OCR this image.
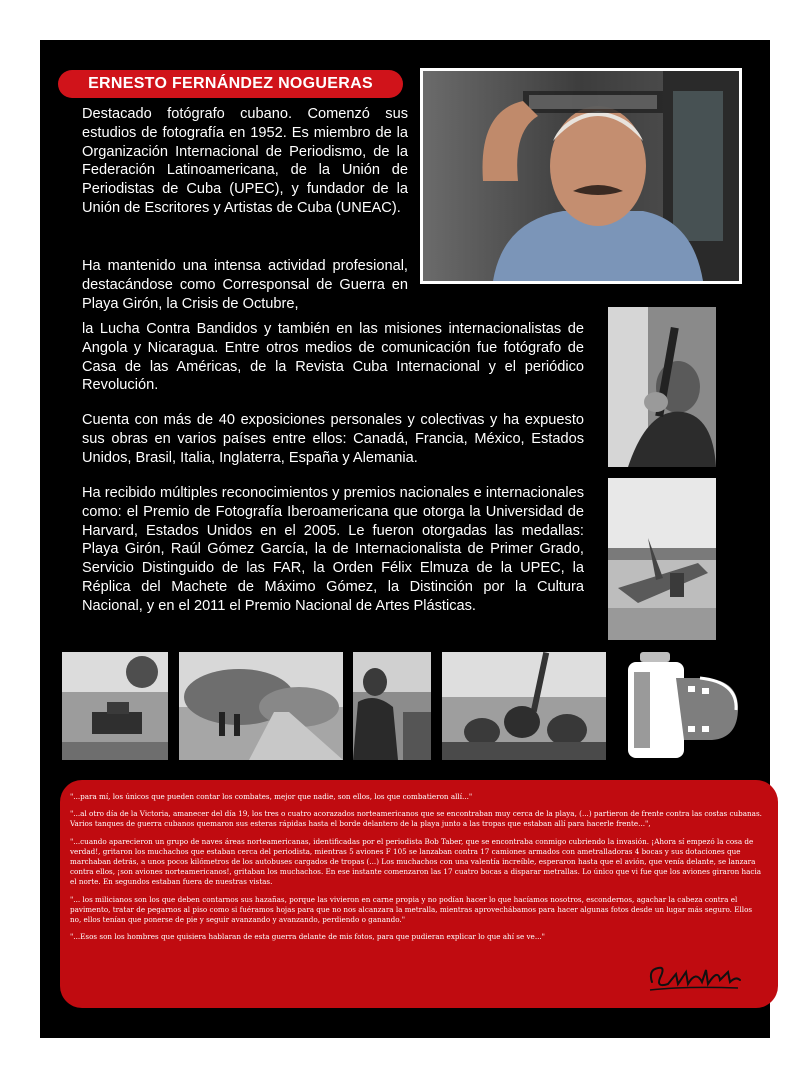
ERNESTO FERNÁNDEZ NOGUERAS

Destacado fotógrafo cubano. Comenzó sus estudios de fotografía en 1952. Es miembro de la Organización Internacional de Periodismo, de la Federación Latinoamericana, de la Unión de Periodistas de Cuba (UPEC), y fundador de la Unión de Escritores y Artistas de Cuba (UNEAC).

Ha mantenido una intensa actividad profesional, destacándose como Corresponsal de Guerra en Playa Girón, la Crisis de Octubre,

la Lucha Contra Bandidos y también en las misiones internacionalistas de Angola y Nicaragua. Entre otros medios de comunicación fue fotógrafo de Casa de las Américas, de la Revista Cuba Internacional y el periódico Revolución.

Cuenta con más de 40 exposiciones personales y colectivas y ha expuesto sus obras en varios países entre ellos: Canadá, Francia, México, Estados Unidos, Brasil, Italia, Inglaterra, España y Alemania.

Ha recibido múltiples reconocimientos y premios nacionales e internacionales como: el Premio de Fotografía Iberoamericana que otorga la Universidad de Harvard, Estados Unidos en el 2005. Le fueron otorgadas las medallas: Playa Girón, Raúl Gómez García, la de Internacionalista de Primer Grado, Servicio Distinguido de las FAR, la Orden Félix Elmuza de la UPEC, la Réplica del Machete de Máximo Gómez, la Distinción por la Cultura Nacional, y en el 2011 el Premio Nacional de Artes Plásticas.

"...para mí, los únicos que pueden contar los combates, mejor que nadie, son ellos, los que combatieron allí..."

"...al otro día de la Victoria, amanecer del día 19, los tres o cuatro acorazados norteamericanos que se encontraban muy cerca de la playa, (...) partieron de frente contra las costas cubanas. Varios tanques de guerra cubanos quemaron sus esteras rápidas hasta el borde delantero de la playa junto a las tropas que estaban allí para hacerle frente...",

"...cuando aparecieron un grupo de naves áreas norteamericanas, identificadas por el periodista Bob Taber, que se encontraba conmigo cubriendo la invasión. ¡Ahora sí empezó la cosa de verdad!, gritaron los muchachos que estaban cerca del periodista, mientras 5 aviones F 105 se lanzaban contra 17 camiones armados con ametralladoras 4 bocas y sus dotaciones que marchaban detrás, a unos pocos kilómetros de los autobuses cargados de tropas (...) Los muchachos con una valentía increíble, esperaron hasta que el avión, que venía delante, se lanzara contra ellos, ¡son aviones norteamericanos!, gritaban los muchachos. En ese instante comenzaron las 17 cuatro bocas a disparar metrallas. Lo único que vi fue que los aviones giraron hacia el norte. En segundos estaban fuera de nuestras vistas.

"... los milicianos son los que deben contarnos sus hazañas, porque las vivieron en carne propia y no podían hacer lo que hacíamos nosotros, escondernos, agachar la cabeza contra el pavimento, tratar de pegarnos al piso como si fuéramos hojas para que no nos alcanzara la metralla, mientras aprovechábamos para hacer algunas fotos desde un lugar más seguro. Ellos no, ellos tenían que ponerse de pie y seguir avanzando y avanzando, perdiendo o ganando."

"...Esos son los hombres que quisiera hablaran de esta guerra delante de mis fotos, para que pudieran explicar lo que ahí se ve..."
